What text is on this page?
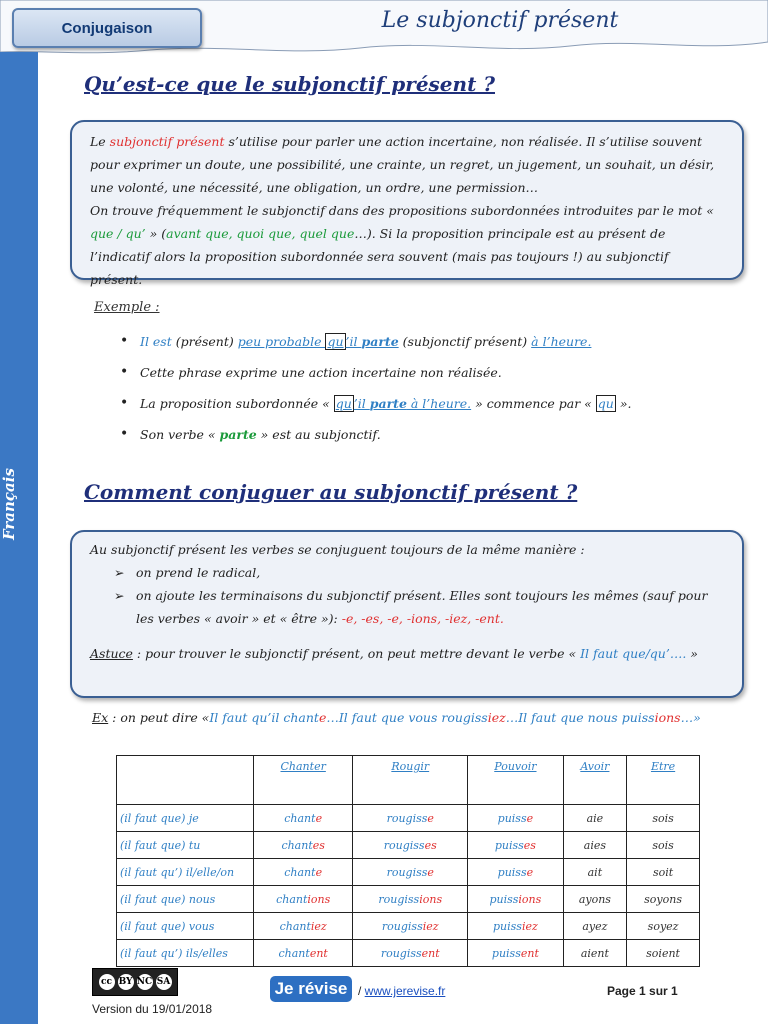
Conjugaison	Le subjonctif présent
Français
Qu’est-ce que le subjonctif présent ?
Le subjonctif présent s’utilise pour parler une action incertaine, non réalisée. Il s’utilise souvent pour exprimer un doute, une possibilité, une crainte, un regret, un jugement, un souhait, un désir, une volonté, une nécessité, une obligation, un ordre, une permission…
On trouve fréquemment le subjonctif dans des propositions subordonnées introduites par le mot « que / qu’ » (avant que, quoi que, quel que…). Si la proposition principale est au présent de l’indicatif alors la proposition subordonnée sera souvent (mais pas toujours !) au subjonctif présent.
Exemple :
• Il est (présent) peu probable qu ’il parte (subjonctif présent) à l’heure.
• Cette phrase exprime une action incertaine non réalisée.
• La proposition subordonnée « qu ’il parte à l’heure. » commence par « qu ».
• Son verbe « parte » est au subjonctif.
Comment conjuguer au subjonctif présent ?
Au subjonctif présent les verbes se conjuguent toujours de la même manière :
➢ on prend le radical,
➢ on ajoute les terminaisons du subjonctif présent. Elles sont toujours les mêmes (sauf pour les verbes « avoir » et « être »): -e, -es, -e, -ions, -iez, -ent.
Astuce : pour trouver le subjonctif présent, on peut mettre devant le verbe « Il faut que/qu’…. »
Ex : on peut dire «Il faut qu’il chante…Il faut que vous rougissiez…Il faut que nous puissions…»
	Chanter	Rougir	Pouvoir	Avoir	Etre
(il faut que) je	chante	rougisse	puisse	aie	sois
(il faut que) tu	chantes	rougisses	puisses	aies	sois
(il faut qu’) il/elle/on	chante	rougisse	puisse	ait	soit
(il faut que) nous	chantions	rougissions	puissions	ayons	soyons
(il faut que) vous	chantiez	rougissiez	puissiez	ayez	soyez
(il faut qu’) ils/elles	chantent	rougissent	puissent	aient	soient
cc BY NC SA
Version du 19/01/2018
Je révise / www.jerevise.fr	Page 1 sur 1
